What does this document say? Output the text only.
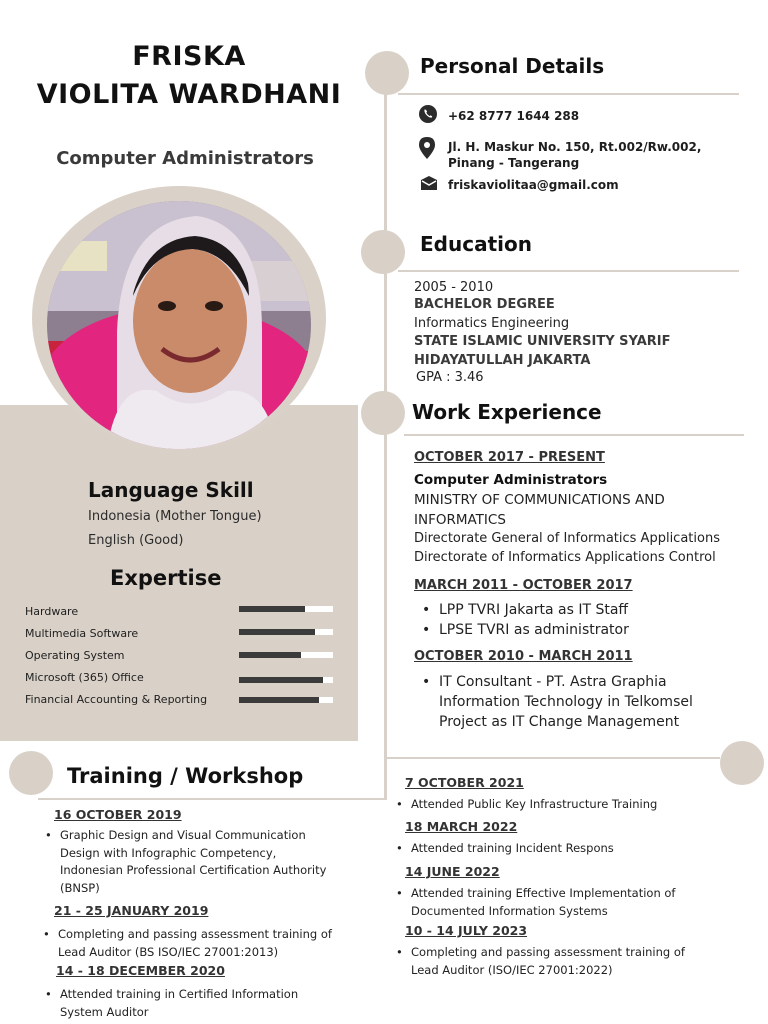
FRISKA
VIOLITA WARDHANI
Computer Administrators
Language Skill
Indonesia (Mother Tongue)
English (Good)
Expertise
Hardware
Multimedia Software
Operating System
Microsoft (365) Office
Financial Accounting & Reporting
Personal Details
+62 8777 1644 288
Jl. H. Maskur No. 150, Rt.002/Rw.002,
Pinang - Tangerang
friskaviolitaa@gmail.com
Education
2005 - 2010
BACHELOR DEGREE
Informatics Engineering
STATE ISLAMIC UNIVERSITY SYARIF
HIDAYATULLAH JAKARTA
GPA : 3.46
Work Experience
OCTOBER 2017 - PRESENT
Computer Administrators
MINISTRY OF COMMUNICATIONS AND
INFORMATICS
Directorate General of Informatics Applications
Directorate of Informatics Applications Control
MARCH 2011 - OCTOBER 2017
• LPP TVRI Jakarta as IT Staff
• LPSE TVRI as administrator
OCTOBER 2010 - MARCH 2011
• IT Consultant - PT. Astra Graphia
Information Technology in Telkomsel
Project as IT Change Management
Training / Workshop
16 OCTOBER 2019
• Graphic Design and Visual Communication
Design with Infographic Competency,
Indonesian Professional Certification Authority
(BNSP)
21 - 25 JANUARY 2019
• Completing and passing assessment training of
Lead Auditor (BS ISO/IEC 27001:2013)
14 - 18 DECEMBER 2020
• Attended training in Certified Information
System Auditor
7 OCTOBER 2021
• Attended Public Key Infrastructure Training
18 MARCH 2022
• Attended training Incident Respons
14 JUNE 2022
• Attended training Effective Implementation of
Documented Information Systems
10 - 14 JULY 2023
• Completing and passing assessment training of
Lead Auditor (ISO/IEC 27001:2022)
